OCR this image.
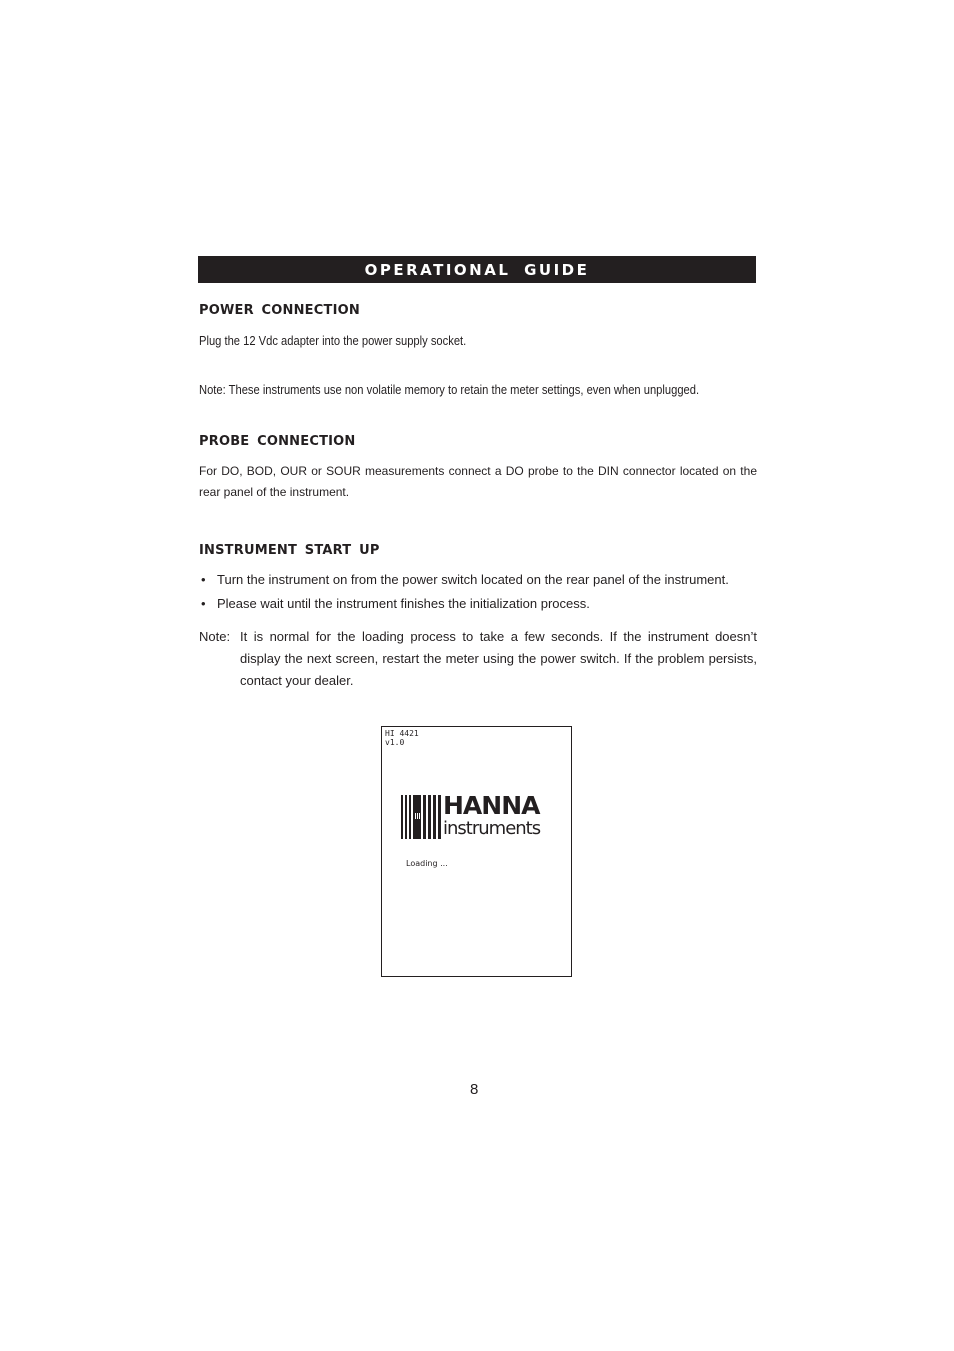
OPERATIONAL GUIDE
POWER CONNECTION

Plug the 12 Vdc adapter into the power supply socket.

Note: These instruments use non volatile memory to retain the meter settings, even when unplugged.

PROBE CONNECTION

For DO, BOD, OUR or SOUR measurements connect a DO probe to the DIN connector located on the rear panel of the instrument.

INSTRUMENT START UP
• Turn the instrument on from the power switch located on the rear panel of the instrument.
• Please wait until the instrument finishes the initialization process.
Note: It is normal for the loading process to take a few seconds. If the instrument doesn’t display the next screen, restart the meter using the power switch. If the problem persists, contact your dealer.
HI 4421
v1.0
HANNA
instruments
Loading ...
8
